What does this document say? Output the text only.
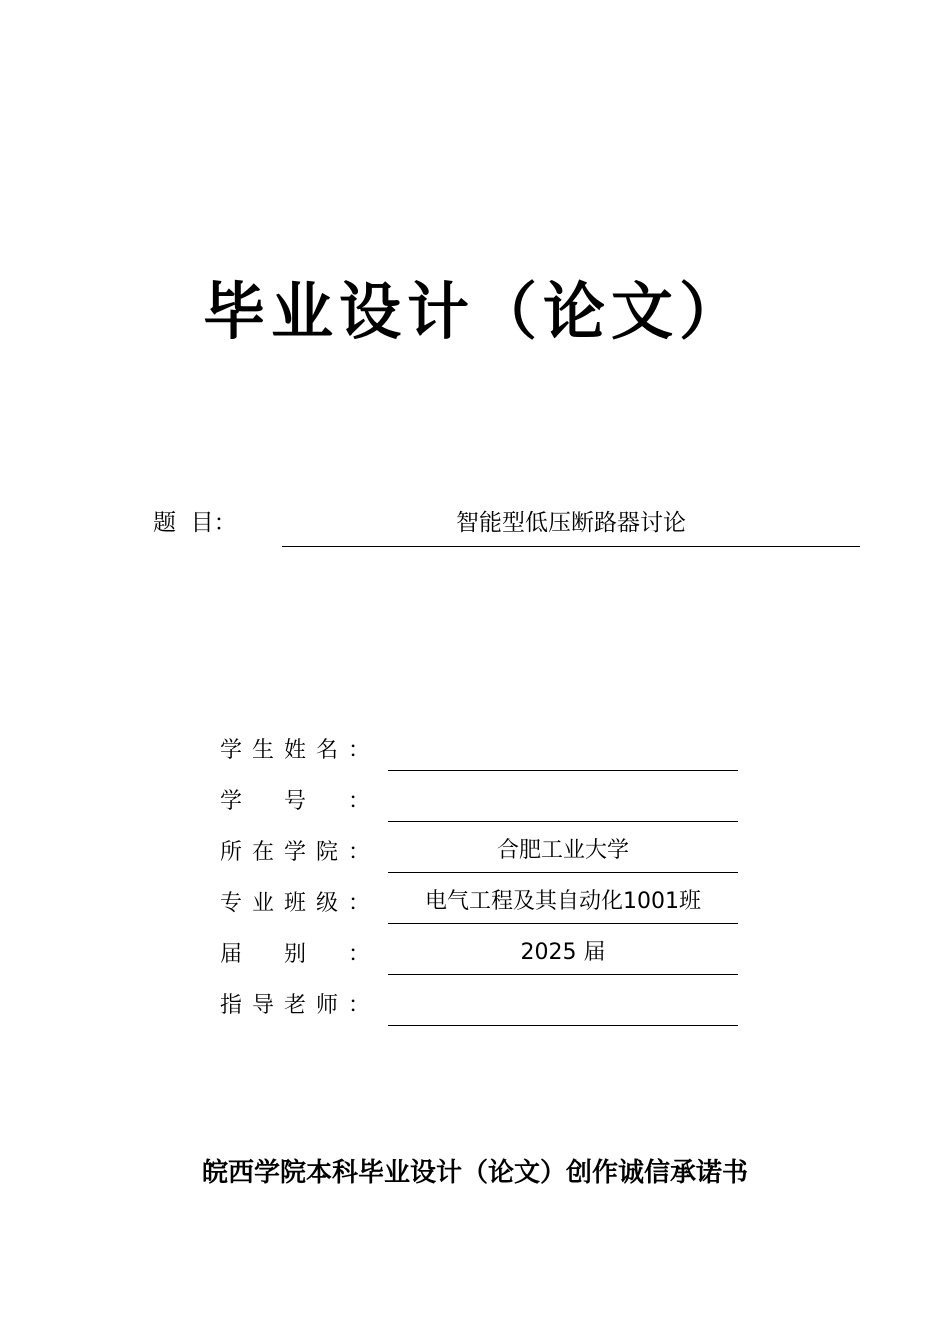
毕业设计（论文）
题  目：	智能型低压断路器讨论
学 生 姓 名 ：
学 号 ：
所 在 学 院 ：	合肥工业大学
专 业 班 级 ：	电气工程及其自动化1001班
届 别 ：	2025 届
指 导 老 师 ：
皖西学院本科毕业设计（论文）创作诚信承诺书
